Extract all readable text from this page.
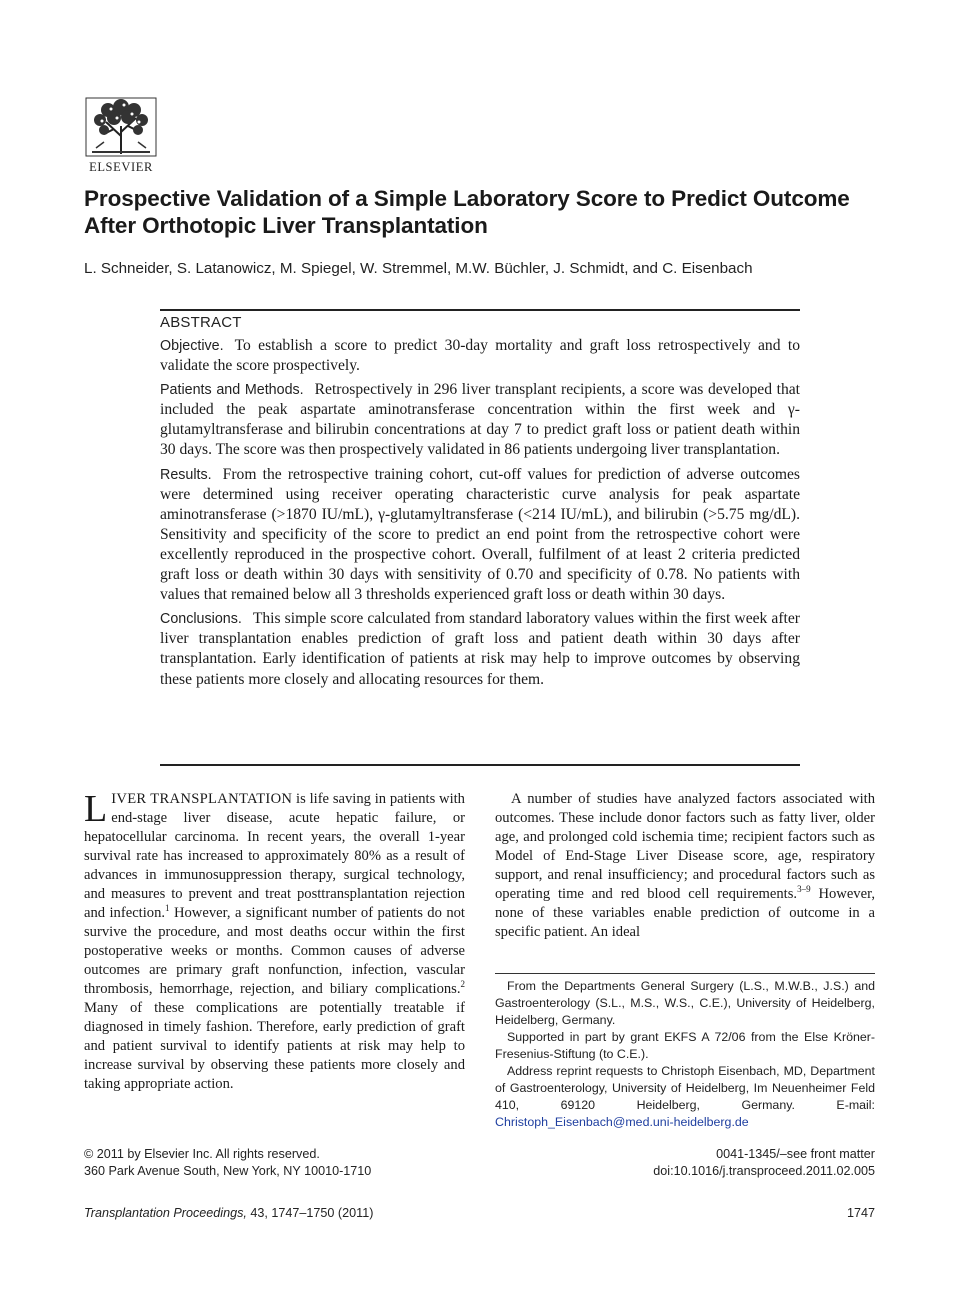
ELSEVIER
Prospective Validation of a Simple Laboratory Score to Predict Outcome After Orthotopic Liver Transplantation
L. Schneider, S. Latanowicz, M. Spiegel, W. Stremmel, M.W. Büchler, J. Schmidt, and C. Eisenbach
ABSTRACT

Objective. To establish a score to predict 30-day mortality and graft loss retrospectively and to validate the score prospectively.

Patients and Methods. Retrospectively in 296 liver transplant recipients, a score was developed that included the peak aspartate aminotransferase concentration within the first week and γ-glutamyltransferase and bilirubin concentrations at day 7 to predict graft loss or patient death within 30 days. The score was then prospectively validated in 86 patients undergoing liver transplantation.

Results. From the retrospective training cohort, cut-off values for prediction of adverse outcomes were determined using receiver operating characteristic curve analysis for peak aspartate aminotransferase (>1870 IU/mL), γ-glutamyltransferase (<214 IU/mL), and bilirubin (>5.75 mg/dL). Sensitivity and specificity of the score to predict an end point from the retrospective cohort were excellently reproduced in the prospective cohort. Overall, fulfilment of at least 2 criteria predicted graft loss or death within 30 days with sensitivity of 0.70 and specificity of 0.78. No patients with values that remained below all 3 thresholds experienced graft loss or death within 30 days.

Conclusions. This simple score calculated from standard laboratory values within the first week after liver transplantation enables prediction of graft loss and patient death within 30 days after transplantation. Early identification of patients at risk may help to improve outcomes by observing these patients more closely and allocating resources for them.

LIVER TRANSPLANTATION is life saving in patients with end-stage liver disease, acute hepatic failure, or hepatocellular carcinoma. In recent years, the overall 1-year survival rate has increased to approximately 80% as a result of advances in immunosuppression therapy, surgical technology, and measures to prevent and treat posttransplantation rejection and infection.$^1$ However, a significant number of patients do not survive the procedure, and most deaths occur within the first postoperative weeks or months. Common causes of adverse outcomes are primary graft nonfunction, infection, vascular thrombosis, hemorrhage, rejection, and biliary complications.$^2$ Many of these complications are potentially treatable if diagnosed in timely fashion. Therefore, early prediction of graft and patient survival to identify patients at risk may help to increase survival by observing these patients more closely and taking appropriate action.
A number of studies have analyzed factors associated with outcomes. These include donor factors such as fatty liver, older age, and prolonged cold ischemia time; recipient factors such as Model of End-Stage Liver Disease score, age, respiratory support, and renal insufficiency; and procedural factors such as operating time and red blood cell requirements.$^{3-9}$ However, none of these variables enable prediction of outcome in a specific patient. An ideal

From the Departments General Surgery (L.S., M.W.B., J.S.) and Gastroenterology (S.L., M.S., W.S., C.E.), University of Heidelberg, Heidelberg, Germany.

Supported in part by grant EKFS A 72/06 from the Else Kröner-Fresenius-Stiftung (to C.E.).

Address reprint requests to Christoph Eisenbach, MD, Department of Gastroenterology, University of Heidelberg, Im Neuenheimer Feld 410, 69120 Heidelberg, Germany. E-mail: Christoph_Eisenbach@med.uni-heidelberg.de

© 2011 by Elsevier Inc. All rights reserved.
360 Park Avenue South, New York, NY 10010-1710
0041-1345/–see front matter
doi:10.1016/j.transproceed.2011.02.005
Transplantation Proceedings, 43, 1747–1750 (2011)	1747
